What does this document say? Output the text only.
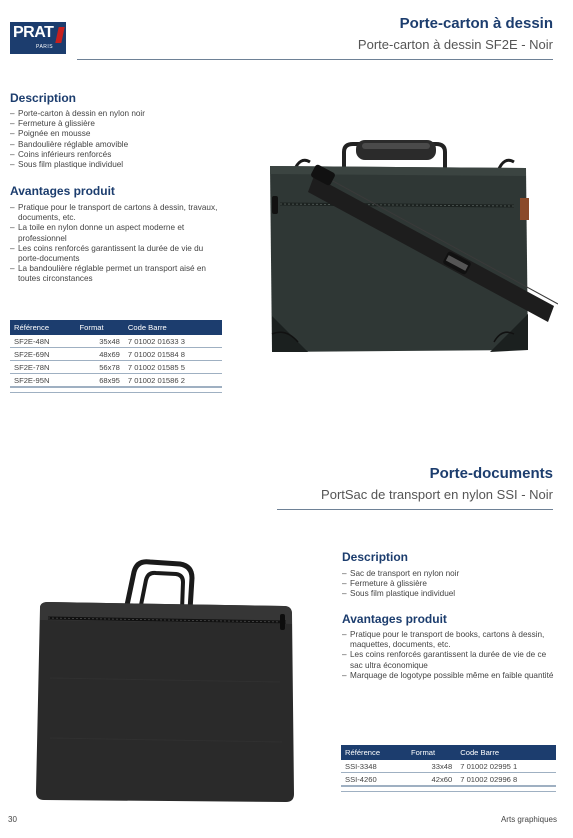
PRAT
PARIS
Porte-carton à dessin
Porte-carton à dessin SF2E - Noir
Description
– Porte-carton à dessin en nylon noir
– Fermeture à glissière
– Poignée en mousse
– Bandoulière réglable amovible
– Coins inférieurs renforcés
– Sous film plastique individuel
Avantages produit
– Pratique pour le transport de cartons à dessin, travaux, documents, etc.
– La toile en nylon donne un aspect moderne et professionnel
– Les coins renforcés garantissent la durée de vie du porte-documents
– La bandoulière réglable permet un transport aisé en toutes circonstances
Référence	Format	Code Barre
SF2E-48N	35x48	7 01002 01633 3
SF2E-69N	48x69	7 01002 01584 8
SF2E-78N	56x78	7 01002 01585 5
SF2E-95N	68x95	7 01002 01586 2
Porte-documents
PortSac de transport en nylon SSI - Noir
Description
– Sac de transport en nylon noir
– Fermeture à glissière
– Sous film plastique individuel
Avantages produit
– Pratique pour le transport de books, cartons à dessin, maquettes, documents, etc.
– Les coins renforcés garantissent la durée de vie de ce sac ultra économique
– Marquage de logotype possible même en faible quantité
Référence	Format	Code Barre
SSI-3348	33x48	7 01002 02995 1
SSI-4260	42x60	7 01002 02996 8
30	Arts graphiques
